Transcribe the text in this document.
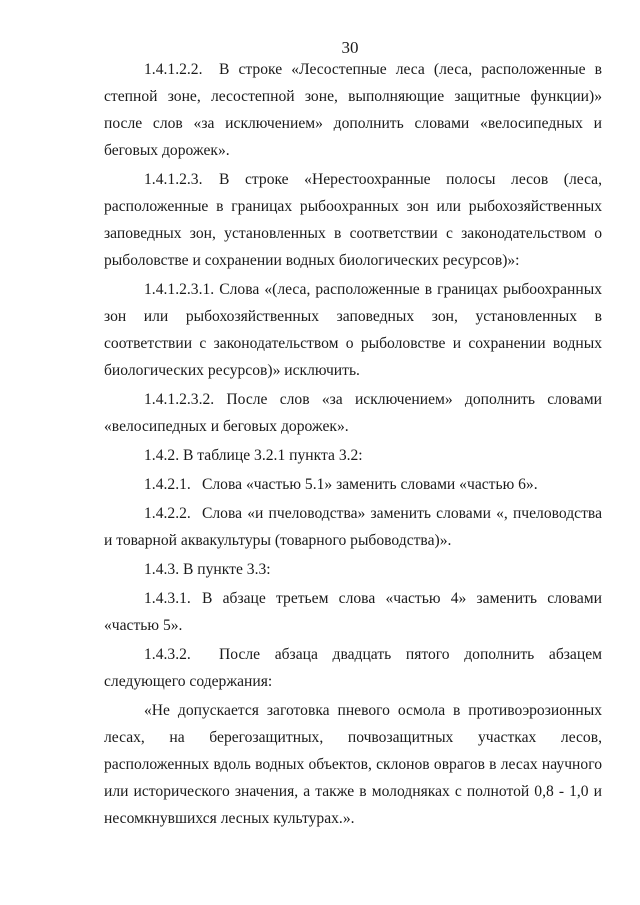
30

1.4.1.2.2. В строке «Лесостепные леса (леса, расположенные в степной зоне, лесостепной зоне, выполняющие защитные функции)» после слов «за исключением» дополнить словами «велосипедных и беговых дорожек».

1.4.1.2.3. В строке «Нерестоохранные полосы лесов (леса, расположенные в границах рыбоохранных зон или рыбохозяйственных заповедных зон, установленных в соответствии с законодательством о рыболовстве и сохранении водных биологических ресурсов)»:

1.4.1.2.3.1. Слова «(леса, расположенные в границах рыбоохранных зон или рыбохозяйственных заповедных зон, установленных в соответствии с законодательством о рыболовстве и сохранении водных биологических ресурсов)» исключить.

1.4.1.2.3.2. После слов «за исключением» дополнить словами «велосипедных и беговых дорожек».

1.4.2. В таблице 3.2.1 пункта 3.2:

1.4.2.1. Слова «частью 5.1» заменить словами «частью 6».

1.4.2.2. Слова «и пчеловодства» заменить словами «, пчеловодства и товарной аквакультуры (товарного рыбоводства)».

1.4.3. В пункте 3.3:

1.4.3.1. В абзаце третьем слова «частью 4» заменить словами «частью 5».

1.4.3.2. После абзаца двадцать пятого дополнить абзацем следующего содержания:

«Не допускается заготовка пневого осмола в противоэрозионных лесах, на берегозащитных, почвозащитных участках лесов, расположенных вдоль водных объектов, склонов оврагов в лесах научного или исторического значения, а также в молодняках с полнотой 0,8 - 1,0 и несомкнувшихся лесных культурах.».
